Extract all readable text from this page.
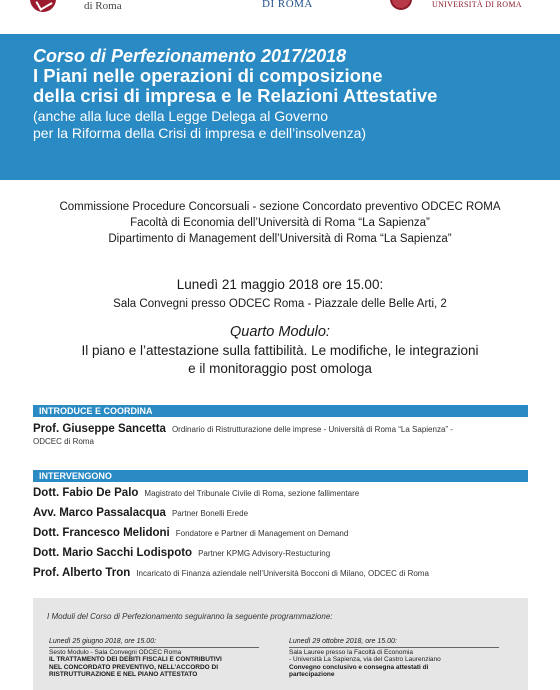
di Roma	DI ROMA	UNIVERSITÀ DI ROMA
Corso di Perfezionamento 2017/2018
I Piani nelle operazioni di composizione
della crisi di impresa e le Relazioni Attestative
(anche alla luce della Legge Delega al Governo
per la Riforma della Crisi di impresa e dell’insolvenza)
Commissione Procedure Concorsuali - sezione Concordato preventivo ODCEC ROMA
Facoltà di Economia dell’Università di Roma “La Sapienza”
Dipartimento di Management dell’Università di Roma “La Sapienza”
Lunedì 21 maggio 2018 ore 15.00:
Sala Convegni presso ODCEC Roma - Piazzale delle Belle Arti, 2
Quarto Modulo:
Il piano e l’attestazione sulla fattibilità. Le modifiche, le integrazioni
e il monitoraggio post omologa
INTRODUCE E COORDINA
Prof. Giuseppe Sancetta Ordinario di Ristrutturazione delle imprese - Università di Roma “La Sapienza” -
ODCEC di Roma
INTERVENGONO
Dott. Fabio De Palo Magistrato del Tribunale Civile di Roma, sezione fallimentare
Avv. Marco Passalacqua Partner Bonelli Erede
Dott. Francesco Melidoni Fondatore e Partner di Management on Demand
Dott. Mario Sacchi Lodispoto Partner KPMG Advisory-Restucturing
Prof. Alberto Tron Incaricato di Finanza aziendale nell’Università Bocconi di Milano, ODCEC di Roma
I Moduli del Corso di Perfezionamento seguiranno la seguente programmazione:
Lunedì 25 giugno 2018, ore 15.00:
Sesto Modulo - Sala Convegni ODCEC Roma
IL TRATTAMENTO DEI DEBITI FISCALI E CONTRIBUTIVI
NEL CONCORDATO PREVENTIVO, NELL’ACCORDO DI
RISTRUTTURAZIONE E NEL PIANO ATTESTATO
Lunedì 29 ottobre 2018, ore 15.00:
Sala Lauree presso la Facoltà di Economia
- Università La Sapienza, via del Castro Laurenziano
Convegno conclusivo e consegna attestati di
partecipazione
